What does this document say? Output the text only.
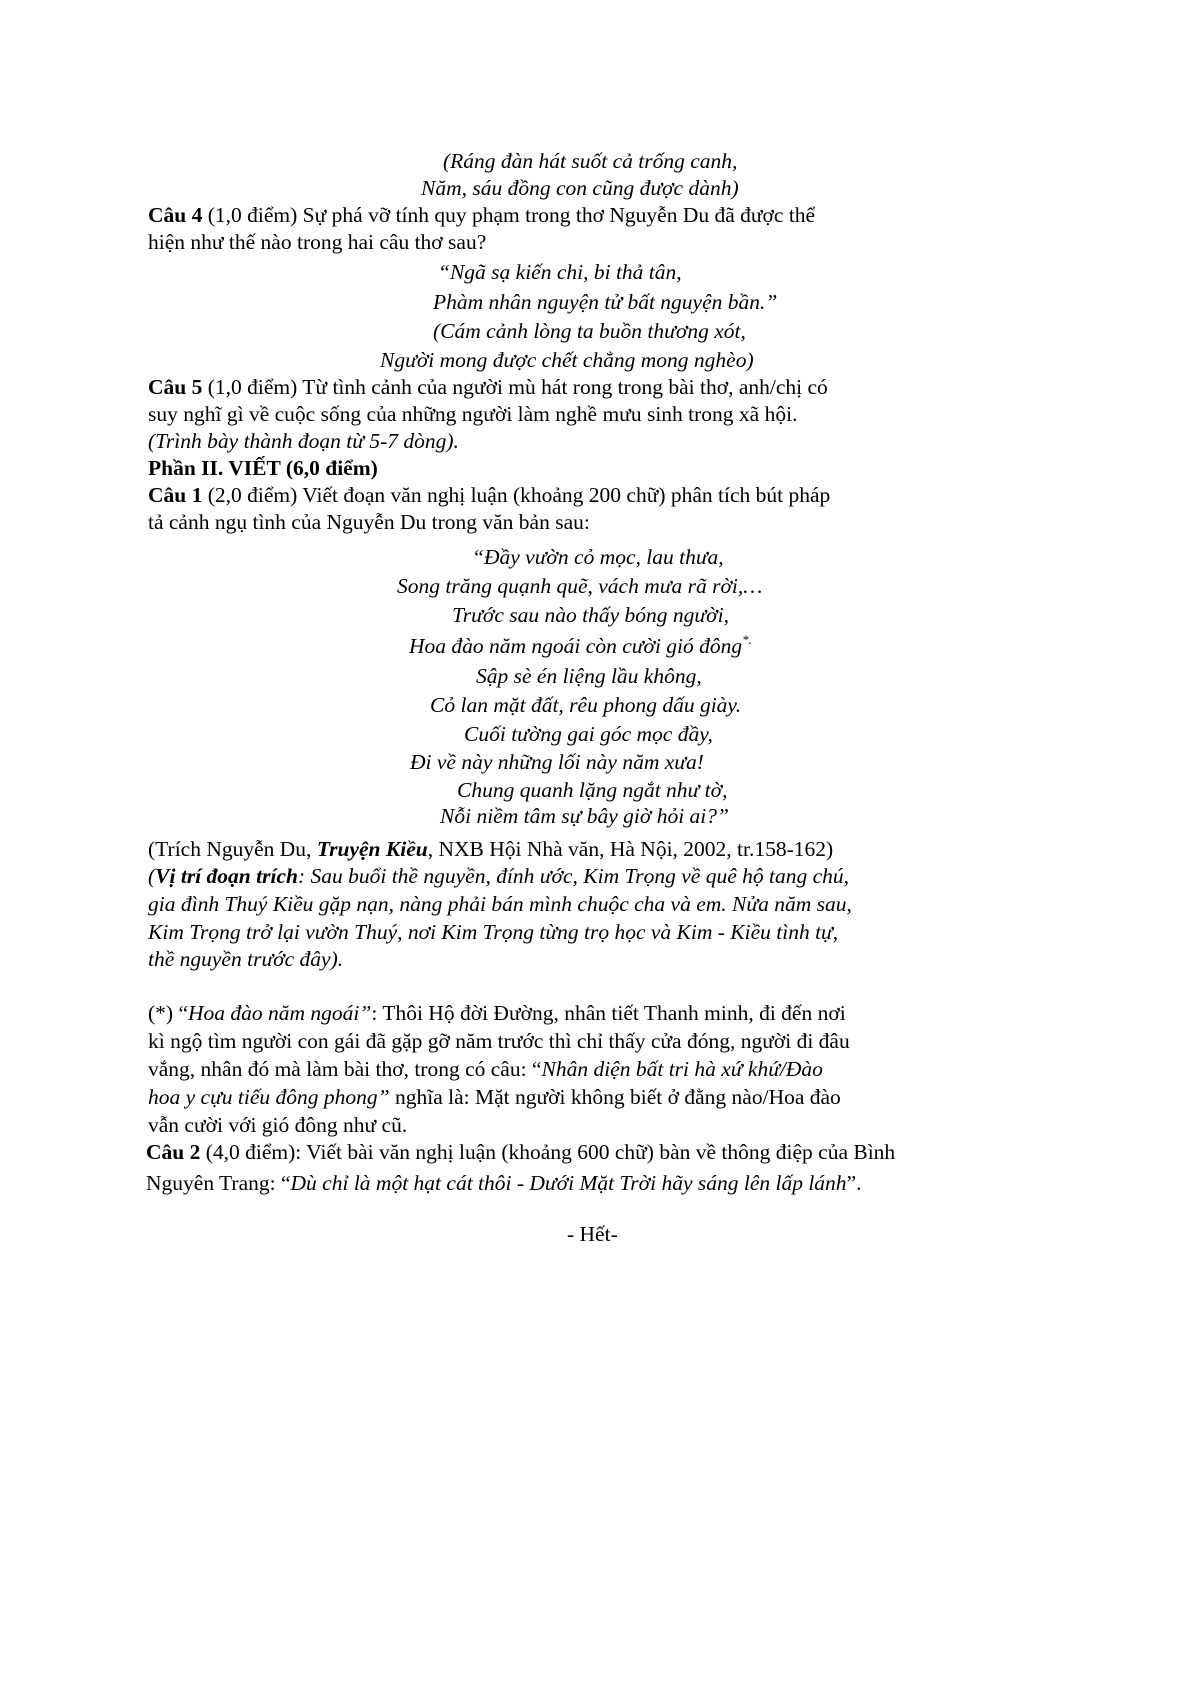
(Ráng đàn hát suốt cả trống canh,
Năm, sáu đồng con cũng được dành)
Câu 4 (1,0 điểm) Sự phá vỡ tính quy phạm trong thơ Nguyễn Du đã được thể
hiện như thế nào trong hai câu thơ sau?
“Ngã sạ kiến chi, bi thả tân,
Phàm nhân nguyện tử bất nguyện bần.”
(Cám cảnh lòng ta buồn thương xót,
Người mong được chết chẳng mong nghèo)
Câu 5 (1,0 điểm) Từ tình cảnh của người mù hát rong trong bài thơ, anh/chị có
suy nghĩ gì về cuộc sống của những người làm nghề mưu sinh trong xã hội.
(Trình bày thành đoạn từ 5-7 dòng).
Phần II. VIẾT (6,0 điểm)
Câu 1 (2,0 điểm) Viết đoạn văn nghị luận (khoảng 200 chữ) phân tích bút pháp
tả cảnh ngụ tình của Nguyễn Du trong văn bản sau:
“Đầy vườn cỏ mọc, lau thưa,
Song trăng quạnh quẽ, vách mưa rã rời,…
Trước sau nào thấy bóng người,
Hoa đào năm ngoái còn cười gió đông*.
Sập sè én liệng lầu không,
Cỏ lan mặt đất, rêu phong dấu giày.
Cuối tường gai góc mọc đầy,
Đi về này những lối này năm xưa!
Chung quanh lặng ngắt như tờ,
Nỗi niềm tâm sự bây giờ hỏi ai?”
(Trích Nguyễn Du, Truyện Kiều, NXB Hội Nhà văn, Hà Nội, 2002, tr.158-162)
(Vị trí đoạn trích: Sau buổi thề nguyền, đính ước, Kim Trọng về quê hộ tang chú,
gia đình Thuý Kiều gặp nạn, nàng phải bán mình chuộc cha và em. Nửa năm sau,
Kim Trọng trở lại vườn Thuý, nơi Kim Trọng từng trọ học và Kim - Kiều tình tự,
thề nguyền trước đây).
(*) “Hoa đào năm ngoái”: Thôi Hộ đời Đường, nhân tiết Thanh minh, đi đến nơi
kì ngộ tìm người con gái đã gặp gỡ năm trước thì chỉ thấy cửa đóng, người đi đâu
vắng, nhân đó mà làm bài thơ, trong có câu: “Nhân diện bất tri hà xứ khứ/Đào
hoa y cựu tiếu đông phong” nghĩa là: Mặt người không biết ở đằng nào/Hoa đào
vẫn cười với gió đông như cũ.
Câu 2 (4,0 điểm): Viết bài văn nghị luận (khoảng 600 chữ) bàn về thông điệp của Bình
Nguyên Trang: “Dù chỉ là một hạt cát thôi - Dưới Mặt Trời hãy sáng lên lấp lánh”.
- Hết-
